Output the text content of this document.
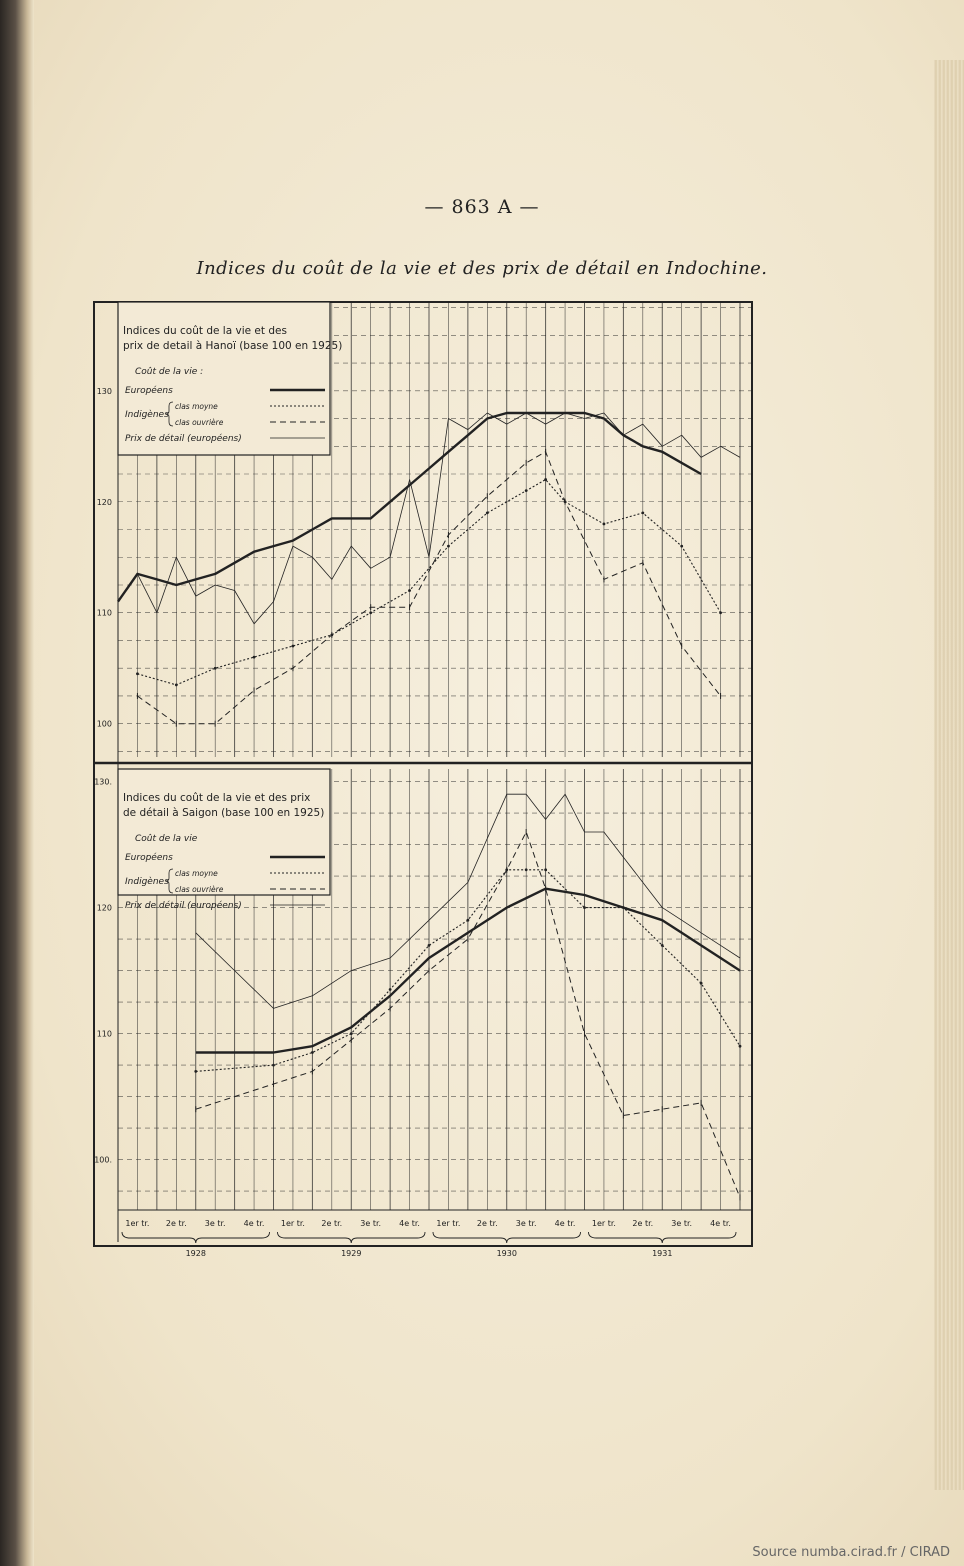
— 863 A —
Indices du coût de la vie et des prix de détail en Indochine.
100
110
120
130
Indices du coût de la vie et des
prix de detail à Hanoï (base 100 en 1925)
Coût de la vie :
Européens
clas moyne
clas ouvrière
Prix de détail (européens)
Indigènes
100.
110
120
130.
Indices du coût de la vie et des prix
de détail à Saigon (base 100 en 1925)
Coût de la vie
Européens
clas moyne
clas ouvrière
Prix de détail (européens)
Indigènes
1er tr. 2e tr. 3e tr. 4e tr. 1er tr. 2e tr. 3e tr. 4e tr. 1er tr. 2e tr. 3e tr. 4e tr. 1er tr. 2e tr. 3e tr. 4e tr.
1928	1929	1930	1931
Source numba.cirad.fr / CIRAD
